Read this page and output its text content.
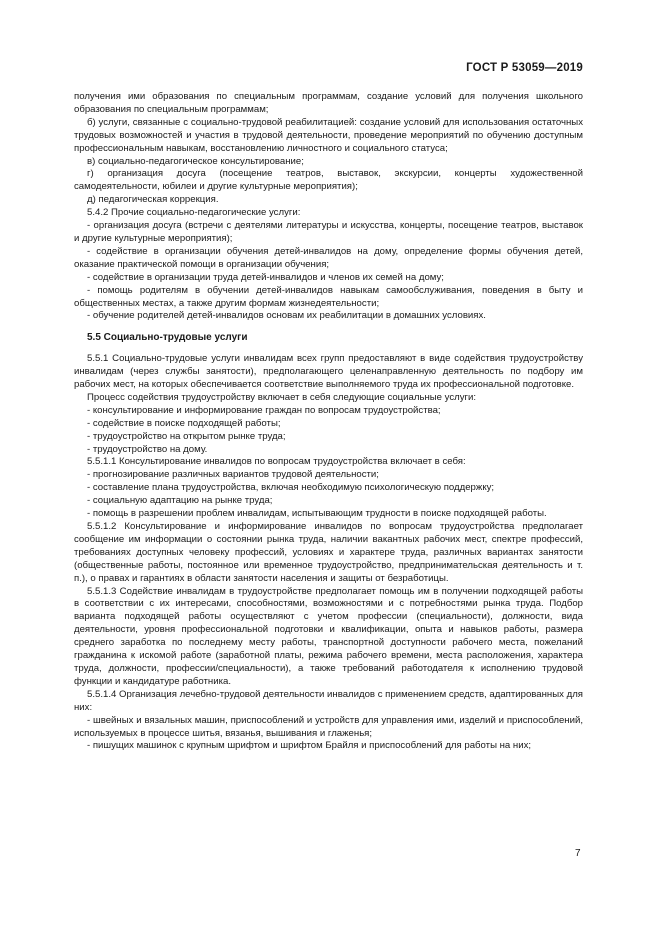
ГОСТ Р 53059—2019

получения ими образования по специальным программам, создание условий для получения школьного образования по специальным программам;

б) услуги, связанные с социально-трудовой реабилитацией: создание условий для использования остаточных трудовых возможностей и участия в трудовой деятельности, проведение мероприятий по обучению доступным профессиональным навыкам, восстановлению личностного и социального статуса;

в) социально-педагогическое консультирование;

г) организация досуга (посещение театров, выставок, экскурсии, концерты художественной самодеятельности, юбилеи и другие культурные мероприятия);

д) педагогическая коррекция.

5.4.2 Прочие социально-педагогические услуги:

- организация досуга (встречи с деятелями литературы и искусства, концерты, посещение театров, выставок и другие культурные мероприятия);

- содействие в организации обучения детей-инвалидов на дому, определение формы обучения детей, оказание практической помощи в организации обучения;

- содействие в организации труда детей-инвалидов и членов их семей на дому;

- помощь родителям в обучении детей-инвалидов навыкам самообслуживания, поведения в быту и общественных местах, а также другим формам жизнедеятельности;

- обучение родителей детей-инвалидов основам их реабилитации в домашних условиях.

5.5 Социально-трудовые услуги

5.5.1 Социально-трудовые услуги инвалидам всех групп предоставляют в виде содействия трудоустройству инвалидам (через службы занятости), предполагающего целенаправленную деятельность по подбору им рабочих мест, на которых обеспечивается соответствие выполняемого труда их профессиональной подготовке.

Процесс содействия трудоустройству включает в себя следующие социальные услуги:

- консультирование и информирование граждан по вопросам трудоустройства;

- содействие в поиске подходящей работы;

- трудоустройство на открытом рынке труда;

- трудоустройство на дому.

5.5.1.1 Консультирование инвалидов по вопросам трудоустройства включает в себя:

- прогнозирование различных вариантов трудовой деятельности;

- составление плана трудоустройства, включая необходимую психологическую поддержку;

- социальную адаптацию на рынке труда;

- помощь в разрешении проблем инвалидам, испытывающим трудности в поиске подходящей работы.

5.5.1.2 Консультирование и информирование инвалидов по вопросам трудоустройства предполагает сообщение им информации о состоянии рынка труда, наличии вакантных рабочих мест, спектре профессий, требованиях доступных человеку профессий, условиях и характере труда, различных вариантах занятости (общественные работы, постоянное или временное трудоустройство, предпринимательская деятельность и т. п.), о правах и гарантиях в области занятости населения и защиты от безработицы.

5.5.1.3 Содействие инвалидам в трудоустройстве предполагает помощь им в получении подходящей работы в соответствии с их интересами, способностями, возможностями и с потребностями рынка труда. Подбор варианта подходящей работы осуществляют с учетом профессии (специальности), должности, вида деятельности, уровня профессиональной подготовки и квалификации, опыта и навыков работы, размера среднего заработка по последнему месту работы, транспортной доступности рабочего места, пожеланий гражданина к искомой работе (заработной платы, режима рабочего времени, места расположения, характера труда, должности, профессии/специальности), а также требований работодателя к исполнению трудовой функции и кандидатуре работника.

5.5.1.4 Организация лечебно-трудовой деятельности инвалидов с применением средств, адаптированных для них:

- швейных и вязальных машин, приспособлений и устройств для управления ими, изделий и приспособлений, используемых в процессе шитья, вязанья, вышивания и глаженья;

- пишущих машинок с крупным шрифтом и шрифтом Брайля и приспособлений для работы на них;

7
